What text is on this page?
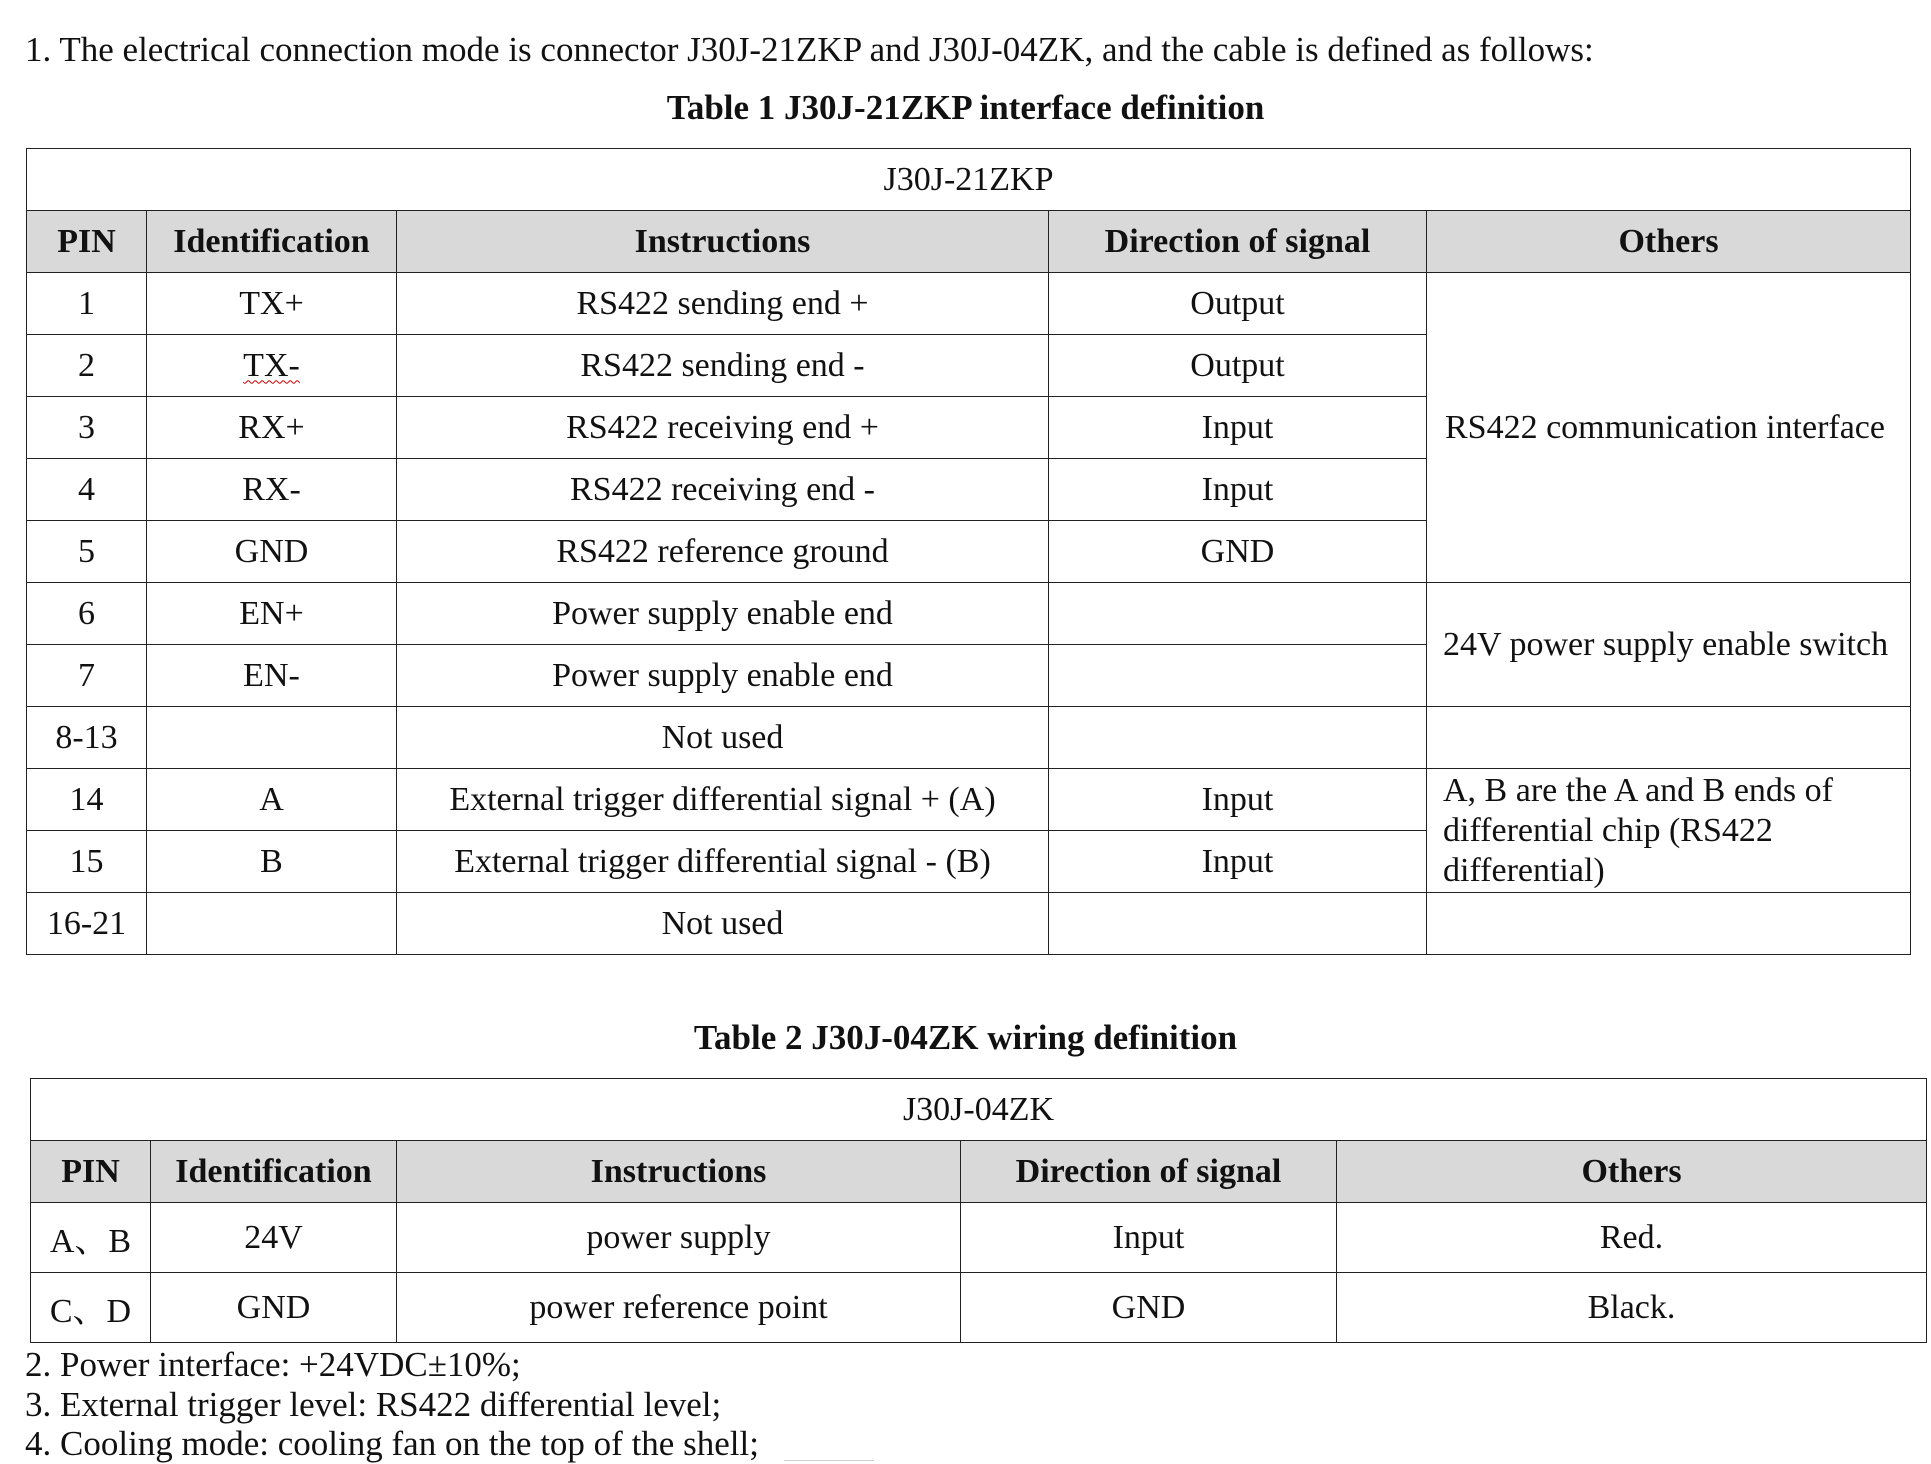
1. The electrical connection mode is connector J30J-21ZKP and J30J-04ZK, and the cable is defined as follows:
Table 1 J30J-21ZKP interface definition
J30J-21ZKP				
PIN	Identification	Instructions	Direction of signal	Others
1	TX+	RS422 sending end +	Output	RS422 communication interface
2	TX-	RS422 sending end -	Output	
3	RX+	RS422 receiving end +	Input	
4	RX-	RS422 receiving end -	Input	
5	GND	RS422 reference ground	GND	
6	EN+	Power supply enable end		24V power supply enable switch
7	EN-	Power supply enable end		
8-13		Not used		
14	A	External trigger differential signal + (A)	Input	A, B are the A and B ends of differential chip (RS422 differential)
15	B	External trigger differential signal - (B)	Input	
16-21		Not used		
Table 2 J30J-04ZK wiring definition
J30J-04ZK				
PIN	Identification	Instructions	Direction of signal	Others
A、B	24V	power supply	Input	Red.
C、D	GND	power reference point	GND	Black.
2. Power interface: +24VDC±10%;
3. External trigger level: RS422 differential level;
4. Cooling mode: cooling fan on the top of the shell;
